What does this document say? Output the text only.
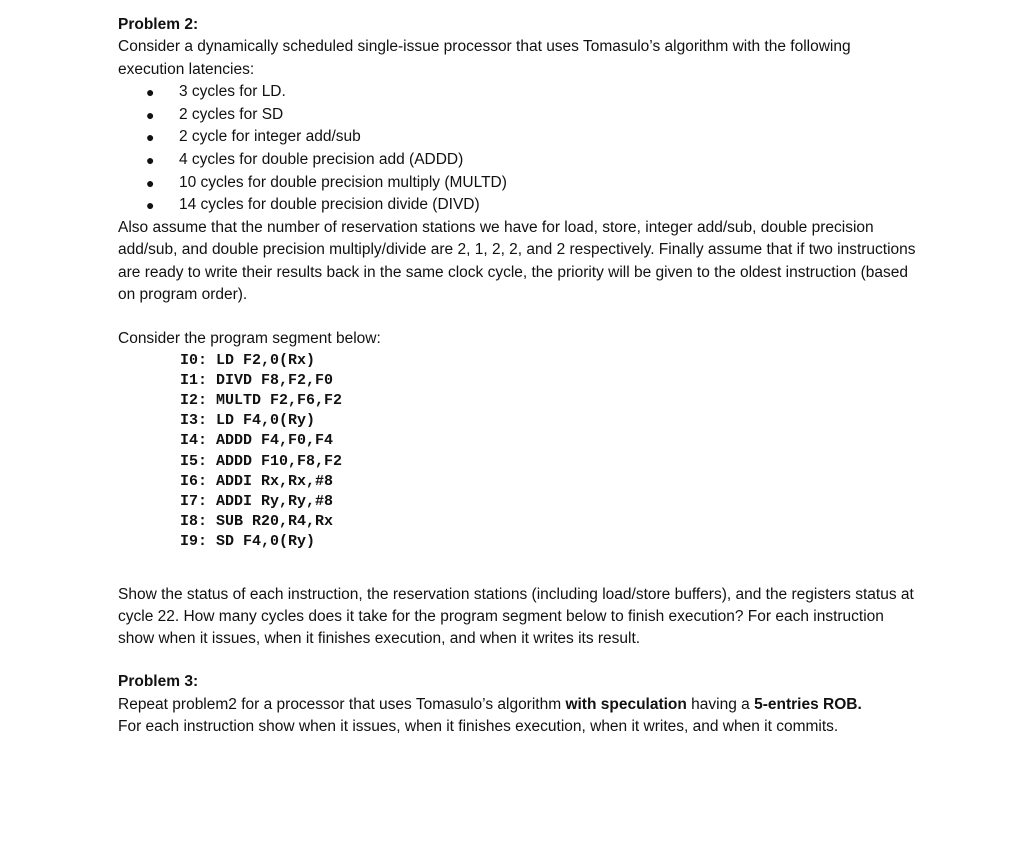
Problem 2:

Consider a dynamically scheduled single-issue processor that uses Tomasulo’s algorithm with the following execution latencies:

● 3 cycles for LD.
● 2 cycles for SD
● 2 cycle for integer add/sub
● 4 cycles for double precision add (ADDD)
● 10 cycles for double precision multiply (MULTD)
● 14 cycles for double precision divide (DIVD)

Also assume that the number of reservation stations we have for load, store, integer add/sub, double precision add/sub, and double precision multiply/divide are 2, 1, 2, 2, and 2 respectively. Finally assume that if two instructions are ready to write their results back in the same clock cycle, the priority will be given to the oldest instruction (based on program order).

Consider the program segment below:

I0: LD F2,0(Rx)
I1: DIVD F8,F2,F0
I2: MULTD F2,F6,F2
I3: LD F4,0(Ry)
I4: ADDD F4,F0,F4
I5: ADDD F10,F8,F2
I6: ADDI Rx,Rx,#8
I7: ADDI Ry,Ry,#8
I8: SUB R20,R4,Rx
I9: SD F4,0(Ry)

Show the status of each instruction, the reservation stations (including load/store buffers), and the registers status at cycle 22. How many cycles does it take for the program segment below to finish execution? For each instruction show when it issues, when it finishes execution, and when it writes its result.

Problem 3:

Repeat problem2 for a processor that uses Tomasulo’s algorithm with speculation having a 5-entries ROB.
For each instruction show when it issues, when it finishes execution, when it writes, and when it commits.
